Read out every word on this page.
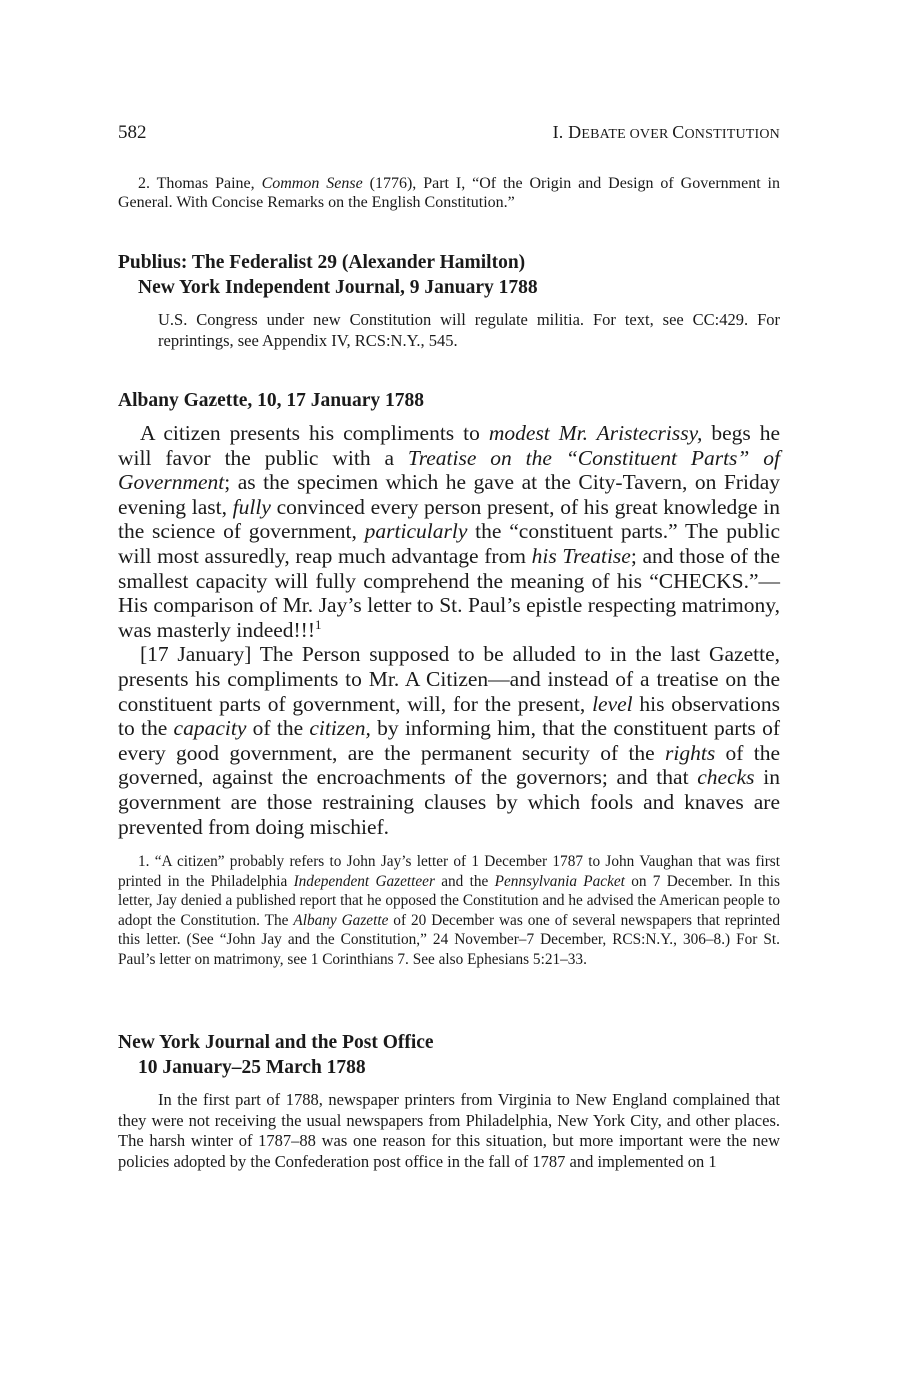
582	I. DEBATE OVER CONSTITUTION

2. Thomas Paine, Common Sense (1776), Part I, “Of the Origin and Design of Government in General. With Concise Remarks on the English Constitution.”

Publius: The Federalist 29 (Alexander Hamilton)
New York Independent Journal, 9 January 1788

U.S. Congress under new Constitution will regulate militia. For text, see CC:429. For reprintings, see Appendix IV, RCS:N.Y., 545.

Albany Gazette, 10, 17 January 1788

A citizen presents his compliments to modest Mr. Aristecrissy, begs he will favor the public with a Treatise on the “Constituent Parts” of Government; as the specimen which he gave at the City-Tavern, on Friday evening last, fully convinced every person present, of his great knowledge in the science of government, particularly the “constituent parts.” The public will most assuredly, reap much advantage from his Treatise; and those of the smallest capacity will fully comprehend the meaning of his “CHECKS.”—His comparison of Mr. Jay’s letter to St. Paul’s epistle respecting matrimony, was masterly indeed!!!$^1$

[17 January] The Person supposed to be alluded to in the last Gazette, presents his compliments to Mr. A Citizen—and instead of a treatise on the constituent parts of government, will, for the present, level his observations to the capacity of the citizen, by informing him, that the constituent parts of every good government, are the permanent security of the rights of the governed, against the encroachments of the governors; and that checks in government are those restraining clauses by which fools and knaves are prevented from doing mischief.

1. “A citizen” probably refers to John Jay’s letter of 1 December 1787 to John Vaughan that was first printed in the Philadelphia Independent Gazetteer and the Pennsylvania Packet on 7 December. In this letter, Jay denied a published report that he opposed the Constitution and he advised the American people to adopt the Constitution. The Albany Gazette of 20 December was one of several newspapers that reprinted this letter. (See “John Jay and the Constitution,” 24 November–7 December, RCS:N.Y., 306–8.) For St. Paul’s letter on matrimony, see 1 Corinthians 7. See also Ephesians 5:21–33.

New York Journal and the Post Office
10 January–25 March 1788

In the first part of 1788, newspaper printers from Virginia to New England complained that they were not receiving the usual newspapers from Philadelphia, New York City, and other places. The harsh winter of 1787–88 was one reason for this situation, but more important were the new policies adopted by the Confederation post office in the fall of 1787 and implemented on 1
